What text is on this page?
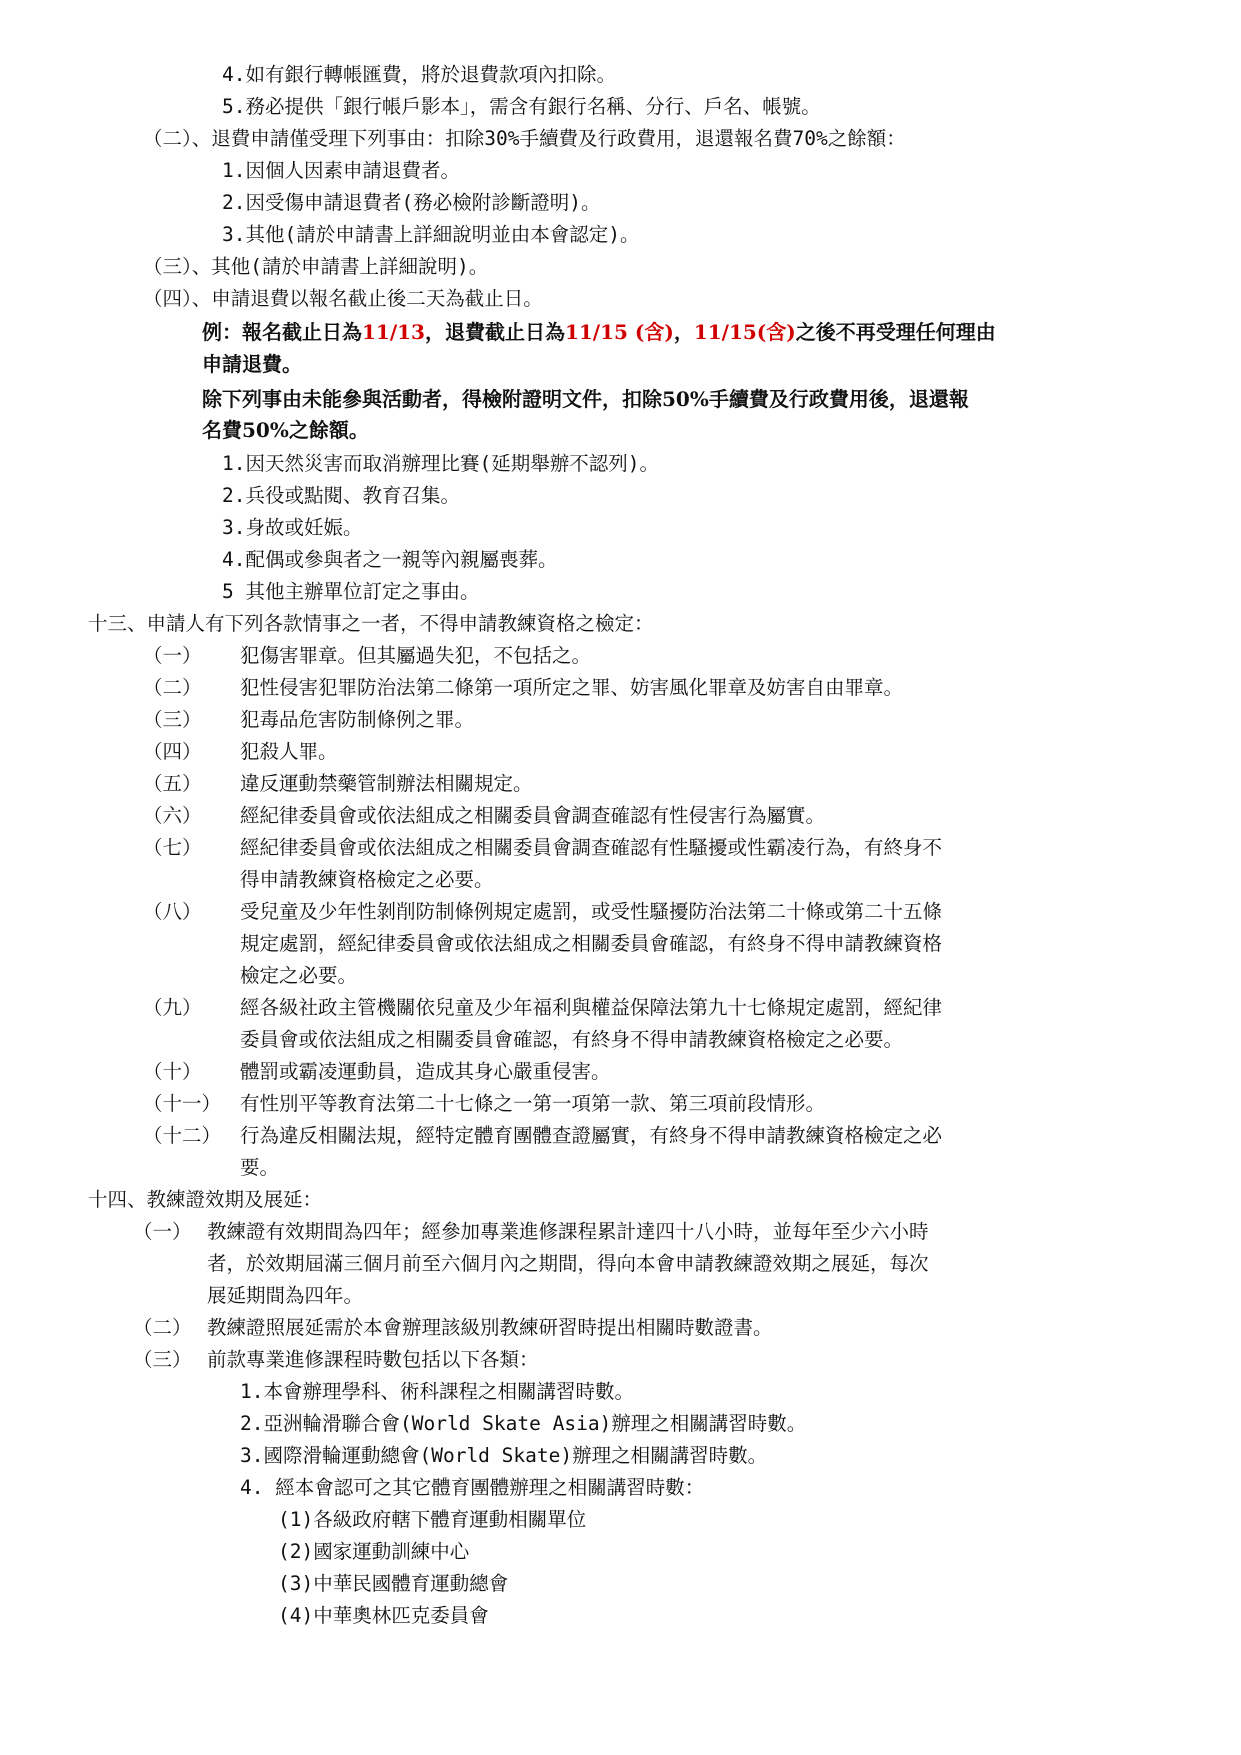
4.如有銀行轉帳匯費，將於退費款項內扣除。
5.務必提供「銀行帳戶影本」，需含有銀行名稱、分行、戶名、帳號。
（二）、退費申請僅受理下列事由：扣除30%手續費及行政費用，退還報名費70%之餘額：
1.因個人因素申請退費者。
2.因受傷申請退費者(務必檢附診斷證明)。
3.其他(請於申請書上詳細說明並由本會認定)。
（三）、其他(請於申請書上詳細說明)。
（四）、申請退費以報名截止後二天為截止日。
例：報名截止日為11/13，退費截止日為11/15 (含)，11/15(含)之後不再受理任何理由
申請退費。
除下列事由未能參與活動者，得檢附證明文件，扣除50%手續費及行政費用後，退還報
名費50%之餘額。
1.因天然災害而取消辦理比賽(延期舉辦不認列)。
2.兵役或點閱、教育召集。
3.身故或妊娠。
4.配偶或參與者之一親等內親屬喪葬。
5 其他主辦單位訂定之事由。
十三、申請人有下列各款情事之一者，不得申請教練資格之檢定：
（一） 犯傷害罪章。但其屬過失犯，不包括之。
（二） 犯性侵害犯罪防治法第二條第一項所定之罪、妨害風化罪章及妨害自由罪章。
（三） 犯毒品危害防制條例之罪。
（四） 犯殺人罪。
（五） 違反運動禁藥管制辦法相關規定。
（六） 經紀律委員會或依法組成之相關委員會調查確認有性侵害行為屬實。
（七） 經紀律委員會或依法組成之相關委員會調查確認有性騷擾或性霸凌行為，有終身不
得申請教練資格檢定之必要。
（八） 受兒童及少年性剝削防制條例規定處罰，或受性騷擾防治法第二十條或第二十五條
規定處罰，經紀律委員會或依法組成之相關委員會確認，有終身不得申請教練資格
檢定之必要。
（九） 經各級社政主管機關依兒童及少年福利與權益保障法第九十七條規定處罰，經紀律
委員會或依法組成之相關委員會確認，有終身不得申請教練資格檢定之必要。
（十） 體罰或霸凌運動員，造成其身心嚴重侵害。
（十一） 有性別平等教育法第二十七條之一第一項第一款、第三項前段情形。
（十二） 行為違反相關法規，經特定體育團體查證屬實，有終身不得申請教練資格檢定之必
要。
十四、教練證效期及展延：
（一） 教練證有效期間為四年；經參加專業進修課程累計達四十八小時，並每年至少六小時
者，於效期屆滿三個月前至六個月內之期間，得向本會申請教練證效期之展延，每次
展延期間為四年。
（二） 教練證照展延需於本會辦理該級別教練研習時提出相關時數證書。
（三） 前款專業進修課程時數包括以下各類：
1.本會辦理學科、術科課程之相關講習時數。
2.亞洲輪滑聯合會(World Skate Asia)辦理之相關講習時數。
3.國際滑輪運動總會(World Skate)辦理之相關講習時數。
4. 經本會認可之其它體育團體辦理之相關講習時數：
(1)各級政府轄下體育運動相關單位
(2)國家運動訓練中心
(3)中華民國體育運動總會
(4)中華奧林匹克委員會
